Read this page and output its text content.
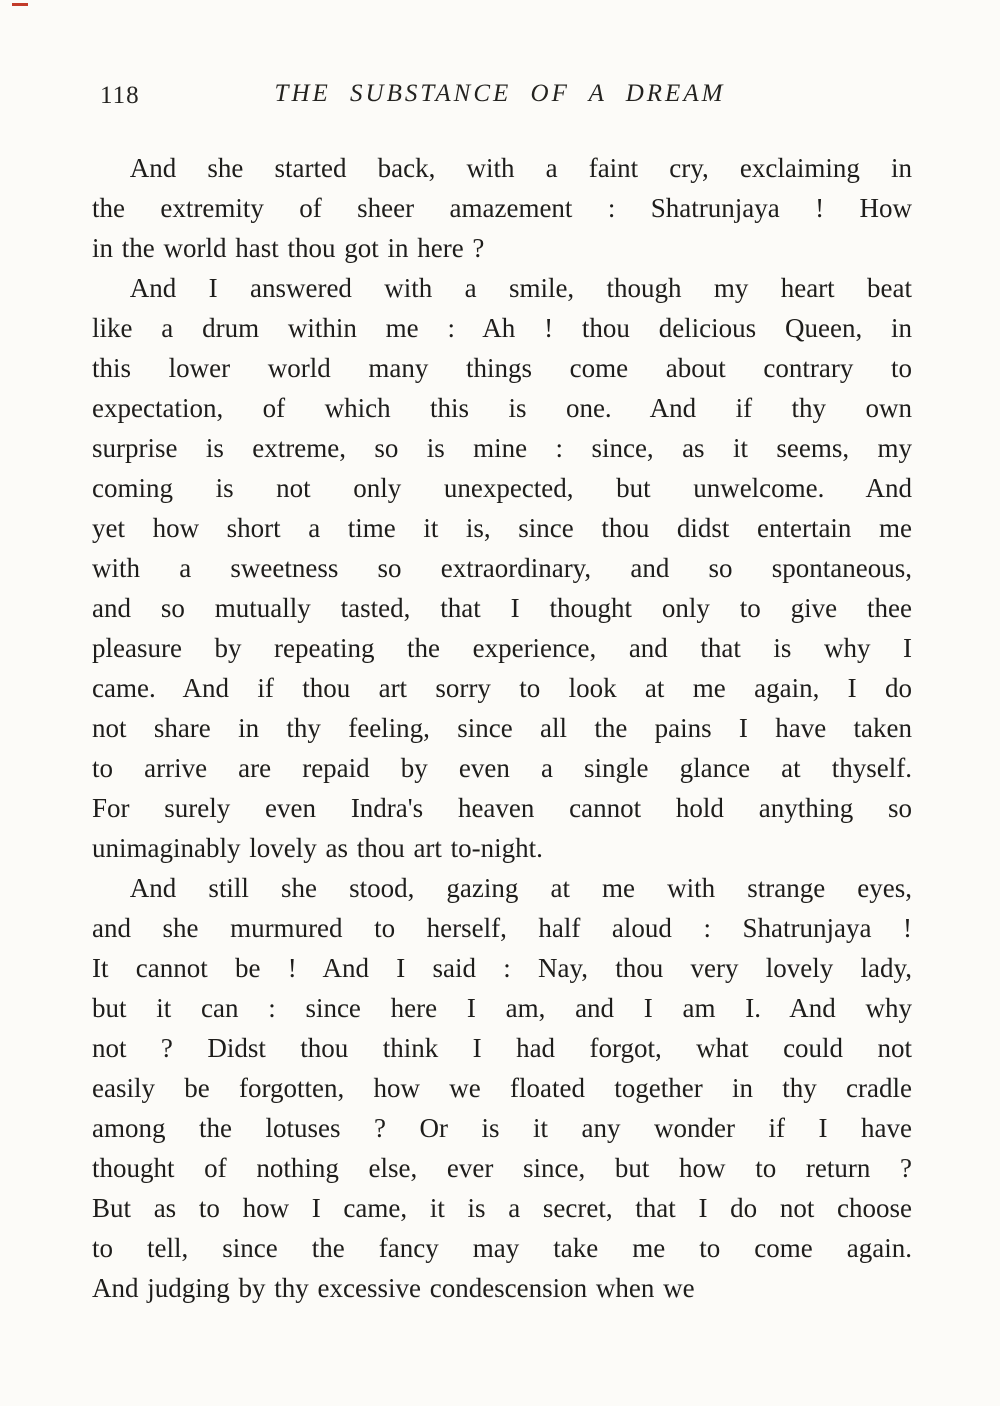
118	THE SUBSTANCE OF A DREAM

And she started back, with a faint cry, exclaiming in
the extremity of sheer amazement : Shatrunjaya ! How
in the world hast thou got in here ?

And I answered with a smile, though my heart beat
like a drum within me : Ah ! thou delicious Queen, in
this lower world many things come about contrary to
expectation, of which this is one. And if thy own
surprise is extreme, so is mine : since, as it seems, my
coming is not only unexpected, but unwelcome. And
yet how short a time it is, since thou didst entertain me
with a sweetness so extraordinary, and so spontaneous,
and so mutually tasted, that I thought only to give thee
pleasure by repeating the experience, and that is why I
came. And if thou art sorry to look at me again, I do
not share in thy feeling, since all the pains I have taken
to arrive are repaid by even a single glance at thyself.
For surely even Indra's heaven cannot hold anything so
unimaginably lovely as thou art to-night.

And still she stood, gazing at me with strange eyes,
and she murmured to herself, half aloud : Shatrunjaya !
It cannot be ! And I said : Nay, thou very lovely lady,
but it can : since here I am, and I am I. And why
not ? Didst thou think I had forgot, what could not
easily be forgotten, how we floated together in thy cradle
among the lotuses ? Or is it any wonder if I have
thought of nothing else, ever since, but how to return ?
But as to how I came, it is a secret, that I do not choose
to tell, since the fancy may take me to come again.
And judging by thy excessive condescension when we
